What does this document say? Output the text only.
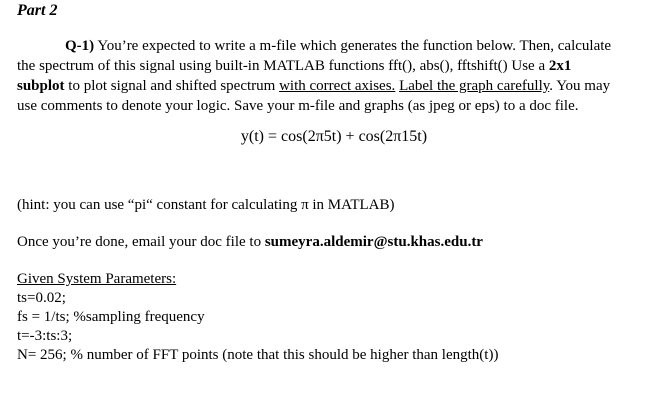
Part 2
Q-1) You’re expected to write a m-file which generates the function below. Then, calculate
the spectrum of this signal using built-in MATLAB functions fft(), abs(), fftshift() Use a 2x1
subplot to plot signal and shifted spectrum with correct axises. Label the graph carefully. You may
use comments to denote your logic. Save your m-file and graphs (as jpeg or eps) to a doc file.
y(t) = cos(2π5t) + cos(2π15t)
(hint: you can use “pi“ constant for calculating π in MATLAB)
Once you’re done, email your doc file to sumeyra.aldemir@stu.khas.edu.tr
Given System Parameters:
ts=0.02;
fs = 1/ts; %sampling frequency
t=-3:ts:3;
N= 256; % number of FFT points (note that this should be higher than length(t))
